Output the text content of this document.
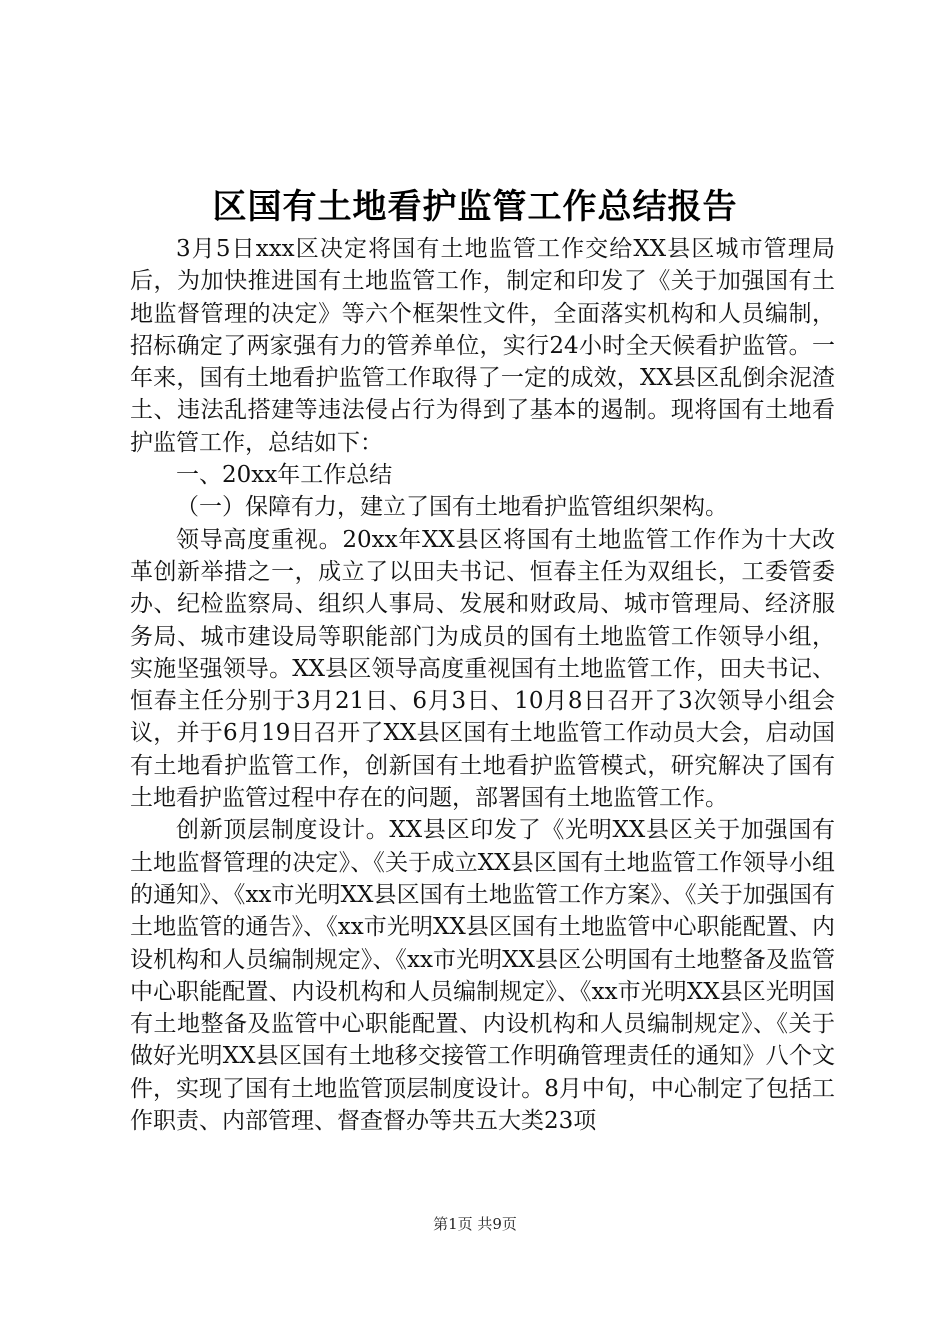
区国有土地看护监管工作总结报告

3月5日xxx区决定将国有土地监管工作交给XX县区城市管理局后，为加快推进国有土地监管工作，制定和印发了《关于加强国有土地监督管理的决定》等六个框架性文件，全面落实机构和人员编制，招标确定了两家强有力的管养单位，实行24小时全天候看护监管。一年来，国有土地看护监管工作取得了一定的成效，XX县区乱倒余泥渣土、违法乱搭建等违法侵占行为得到了基本的遏制。现将国有土地看护监管工作，总结如下：

一、20xx年工作总结

（一）保障有力，建立了国有土地看护监管组织架构。

领导高度重视。20xx年XX县区将国有土地监管工作作为十大改革创新举措之一，成立了以田夫书记、恒春主任为双组长，工委管委办、纪检监察局、组织人事局、发展和财政局、城市管理局、经济服务局、城市建设局等职能部门为成员的国有土地监管工作领导小组，实施坚强领导。XX县区领导高度重视国有土地监管工作，田夫书记、恒春主任分别于3月21日、6月3日、10月8日召开了3次领导小组会议，并于6月19日召开了XX县区国有土地监管工作动员大会，启动国有土地看护监管工作，创新国有土地看护监管模式，研究解决了国有土地看护监管过程中存在的问题，部署国有土地监管工作。

创新顶层制度设计。XX县区印发了《光明XX县区关于加强国有土地监督管理的决定》、《关于成立XX县区国有土地监管工作领导小组的通知》、《xx市光明XX县区国有土地监管工作方案》、《关于加强国有土地监管的通告》、《xx市光明XX县区国有土地监管中心职能配置、内设机构和人员编制规定》、《xx市光明XX县区公明国有土地整备及监管中心职能配置、内设机构和人员编制规定》、《xx市光明XX县区光明国有土地整备及监管中心职能配置、内设机构和人员编制规定》、《关于做好光明XX县区国有土地移交接管工作明确管理责任的通知》八个文件，实现了国有土地监管顶层制度设计。8月中旬，中心制定了包括工作职责、内部管理、督查督办等共五大类23项

第1页 共9页
